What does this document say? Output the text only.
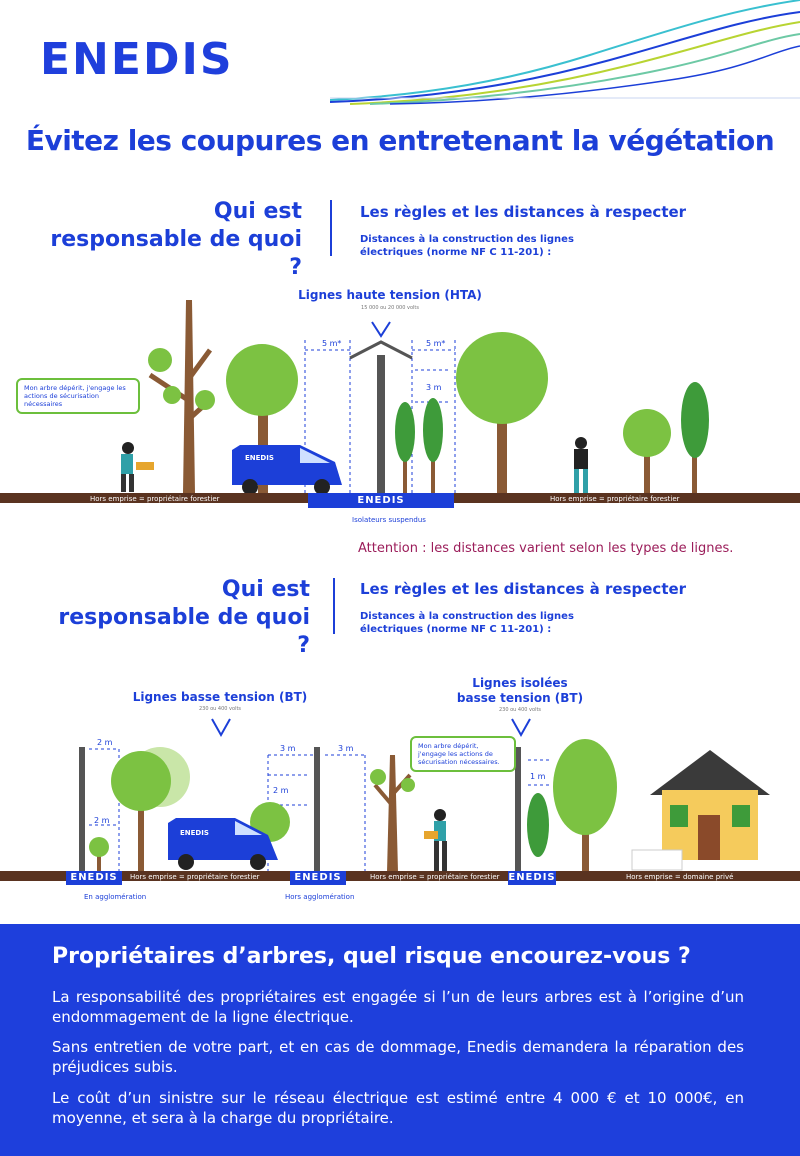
ENEDIS
Évitez les coupures en entretenant la végétation
Qui est
responsable de quoi ?
Les règles et les distances à respecter
Distances à la construction des lignes
électriques (norme NF C 11-201) :
Lignes haute tension (HTA)
15 000 ou 20 000 volts
5 m*	5 m*
3 m
ENEDIS
Mon arbre dépérit, j'engage les actions de sécurisation nécessaires
Hors emprise = propriétaire forestier	ENEDIS	Hors emprise = propriétaire forestier
Isolateurs suspendus
Attention : les distances varient selon les types de lignes.
Qui est
responsable de quoi ?
Les règles et les distances à respecter
Distances à la construction des lignes
électriques (norme NF C 11-201) :
Lignes basse tension (BT)
230 ou 400 volts
Lignes isolées
basse tension (BT)
230 ou 400 volts
2 m
2 m
3 m	3 m
2 m
1 m
ENEDIS
Mon arbre dépérit, j'engage les actions de sécurisation nécessaires.
ENEDIS	Hors emprise = propriétaire forestier	ENEDIS	Hors emprise = propriétaire forestier ENEDIS	Hors emprise = domaine privé
En agglomération	Hors agglomération
Propriétaires d’arbres, quel risque encourez-vous ?
La responsabilité des propriétaires est engagée si l’un de leurs arbres est à l’origine d’un endommagement de la ligne électrique.
Sans entretien de votre part, et en cas de dommage, Enedis demandera la réparation des préjudices subis.
Le coût d’un sinistre sur le réseau électrique est estimé entre 4 000 € et 10 000€, en moyenne, et sera à la charge du propriétaire.
